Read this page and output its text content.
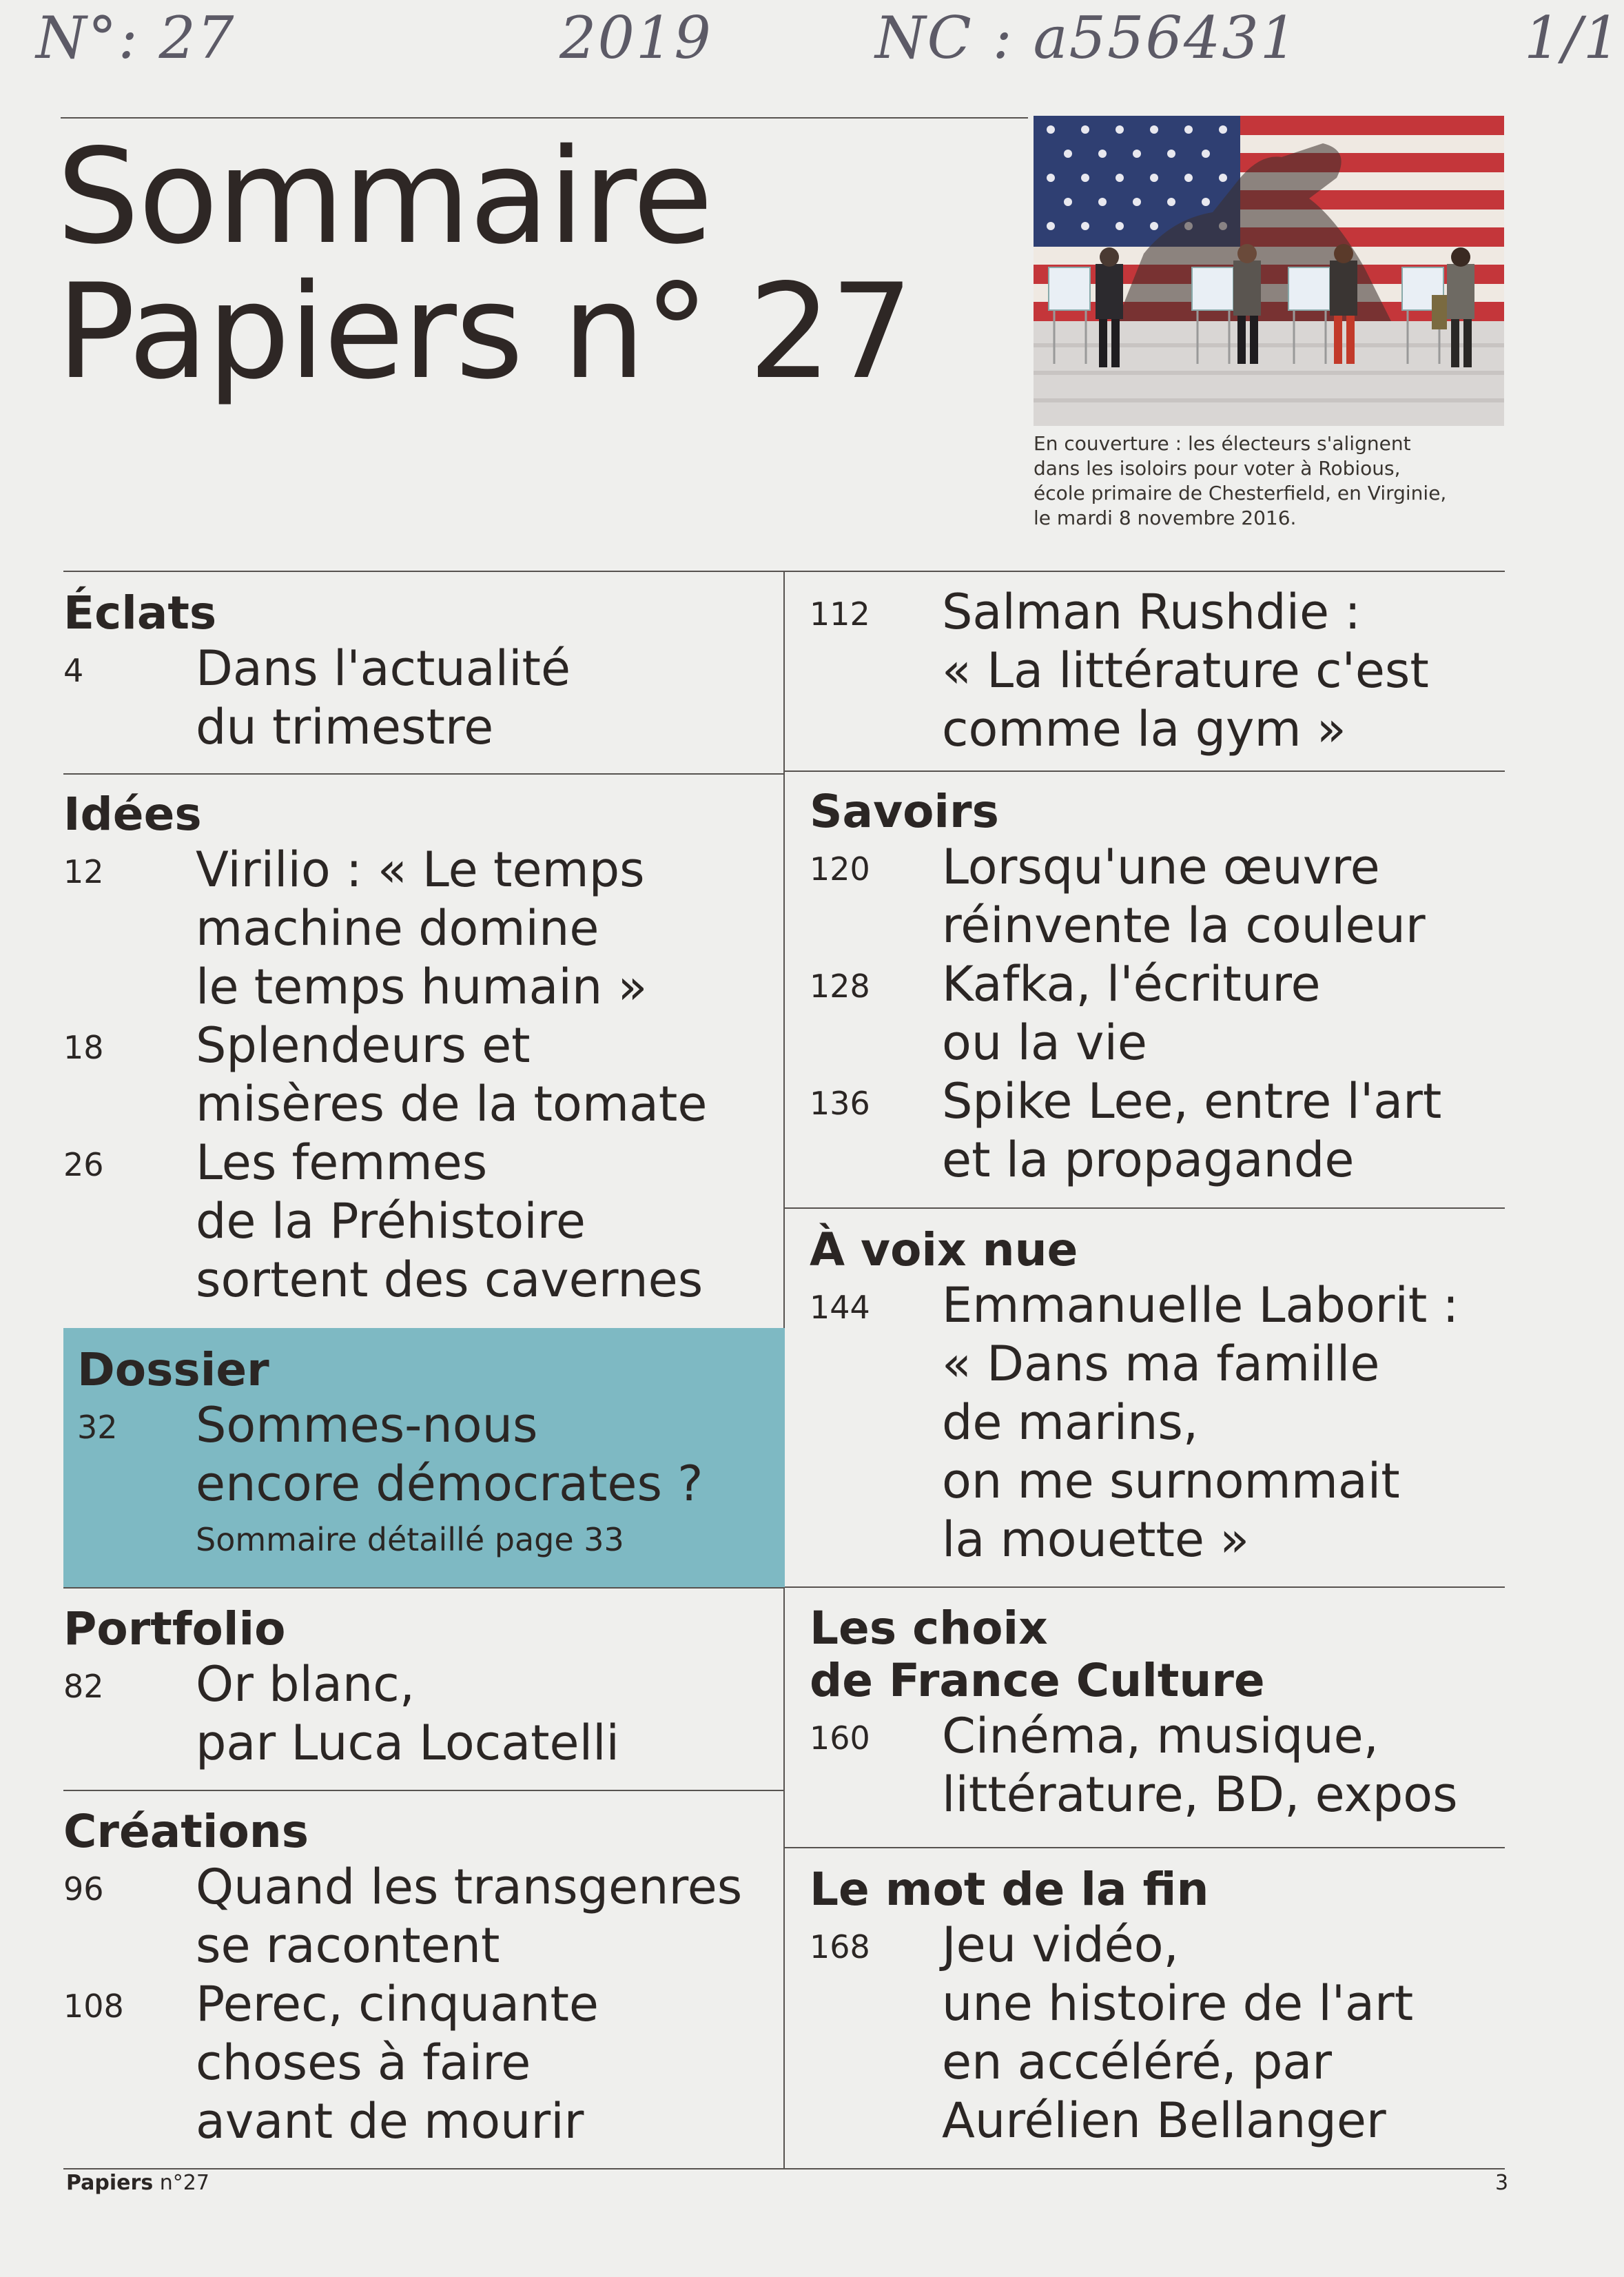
N°: 27	2019	NC : a556431	1/1
Sommaire
Papiers n° 27
En couverture : les électeurs s'alignent
dans les isoloirs pour voter à Robious,
école primaire de Chesterfield, en Virginie,
le mardi 8 novembre 2016.
Éclats
4 Dans l'actualité
du trimestre
Idées
12 Virilio : « Le temps
machine domine
le temps humain »
18 Splendeurs et
misères de la tomate
26 Les femmes
de la Préhistoire
sortent des cavernes
Dossier
32 Sommes-nous
encore démocrates ?
Sommaire détaillé page 33
Portfolio
82 Or blanc,
par Luca Locatelli
Créations
96 Quand les transgenres
se racontent
108 Perec, cinquante
choses à faire
avant de mourir
112 Salman Rushdie :
« La littérature c'est
comme la gym »
Savoirs
120 Lorsqu'une œuvre
réinvente la couleur
128 Kafka, l'écriture
ou la vie
136 Spike Lee, entre l'art
et la propagande
À voix nue
144 Emmanuelle Laborit :
« Dans ma famille
de marins,
on me surnommait
la mouette »
Les choix
de France Culture
160 Cinéma, musique,
littérature, BD, expos
Le mot de la fin
168 Jeu vidéo,
une histoire de l'art
en accéléré, par
Aurélien Bellanger
Papiers n°27	3
